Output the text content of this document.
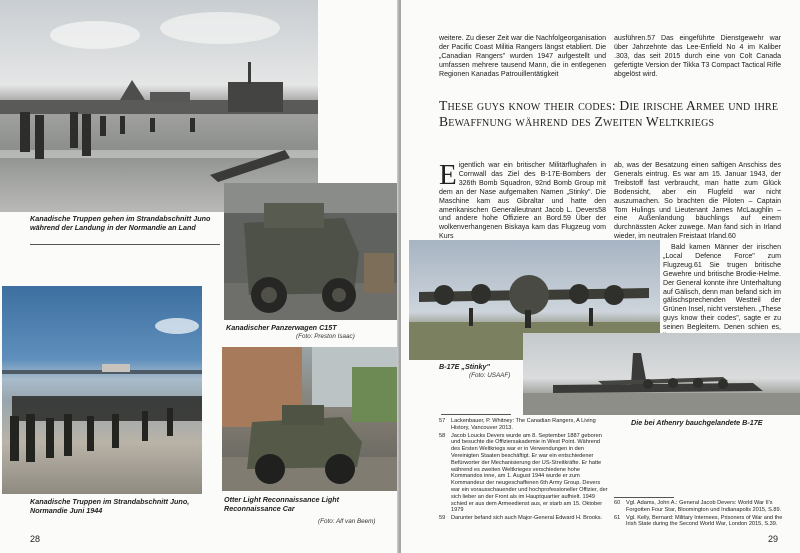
Kanadische Truppen gehen im Strandabschnitt Juno während der Landung in der Normandie an Land
Kanadischer Panzerwagen C15T
(Foto: Preston Isaac)
Kanadische Truppen im Strandabschnitt Juno, Normandie Juni 1944
Otter Light Reconnaissance Light Reconnaissance Car
(Foto: Alf van Beem)
28

weitere. Zu dieser Zeit war die Nachfolgeorganisation der Pacific Coast Militia Rangers längst etabliert. Die „Canadian Rangers" wurden 1947 aufgestellt und umfassen mehrere tausend Mann, die in entlegenen Regionen Kanadas Patrouillentätigkeit

ausführen.57 Das eingeführte Dienstgewehr war über Jahrzehnte das Lee-Enfield No 4 im Kaliber .303, das seit 2015 durch eine von Colt Canada gefertigte Version der Tikka T3 Compact Tactical Rifle abgelöst wird.

These guys know their codes: Die irische Armee und ihre Bewaffnung während des Zweiten Weltkriegs
E igentlich war ein britischer Militärflughafen in Cornwall das Ziel des B-17E-Bombers der 326th Bomb Squadron, 92nd Bomb Group mit dem an der Nase aufgemalten Namen „Stinky". Die Maschine kam aus Gibraltar und hatte den amerikanischen Generalleutnant Jacob L. Devers58 und andere hohe Offiziere an Bord.59 Über der wolkenverhangenen Biskaya kam das Flugzeug vom Kurs

ab, was der Besatzung einen saftigen Anschiss des Generals eintrug. Es war am 15. Januar 1943, der Treibstoff fast verbraucht, man hatte zum Glück Bodensicht, aber ein Flugfeld war nicht auszumachen. So brachten die Piloten – Captain Tom Hulings und Lieutenant James McLaughlin – eine Außenlandung bäuchlings auf einem durchnässten Acker zuwege. Man fand sich in Irland wieder, im neutralen Freistaat Irland.60

Bald kamen Männer der irischen „Local Defence Force" zum Flugzeug.61 Sie trugen britische Gewehre und britische Brodie-Helme. Der General konnte ihre Unterhaltung auf Gälisch, denn man befand sich im gälischsprechenden Westteil der Grünen Insel, nicht verstehen. „These guys know their codes", sagte er zu seinen Begleitern. Denen schien es,

B-17E „Stinky"
(Foto: USAAF)
Die bei Athenry bauchgelandete B-17E
57	Lackenbauer, P. Whitney: The Canadian Rangers, A Living History, Vancouver 2013.
58	Jacob Loucks Devers wurde am 8. September 1887 geboren und besuchte die Offiziersakademie in West Point. Während des Ersten Weltkriegs war er in Verwendungen in den Vereinigten Staaten beschäftigt. Er war ein entschiedener Befürworter der Mechanisierung der US-Streitkräfte. Er hatte während es zweiten Weltkrieges verschiedene hohe Kommandos inne, am 1. August 1944 wurde er zum Kommandeur der neugeschaffenen 6th Army Group. Devers war ein vorausschauender und hochprofessioneller Offizier, der sich lieber an der Front als im Hauptquartier aufhielt. 1949 schied er aus dem Armeedienst aus, er starb am 15. Oktober 1979
59	Darunter befand sich auch Major-General Edward H. Brooks.
60	Vgl. Adams, John A.: General Jacob Devers: World War II's Forgotten Four Star, Bloomington und Indianapolis 2015, S.89.
61	Vgl. Kelly, Bernard: Military Internees, Prisoners of War and the Irish State during the Second World War, London 2015, S.39.
29
